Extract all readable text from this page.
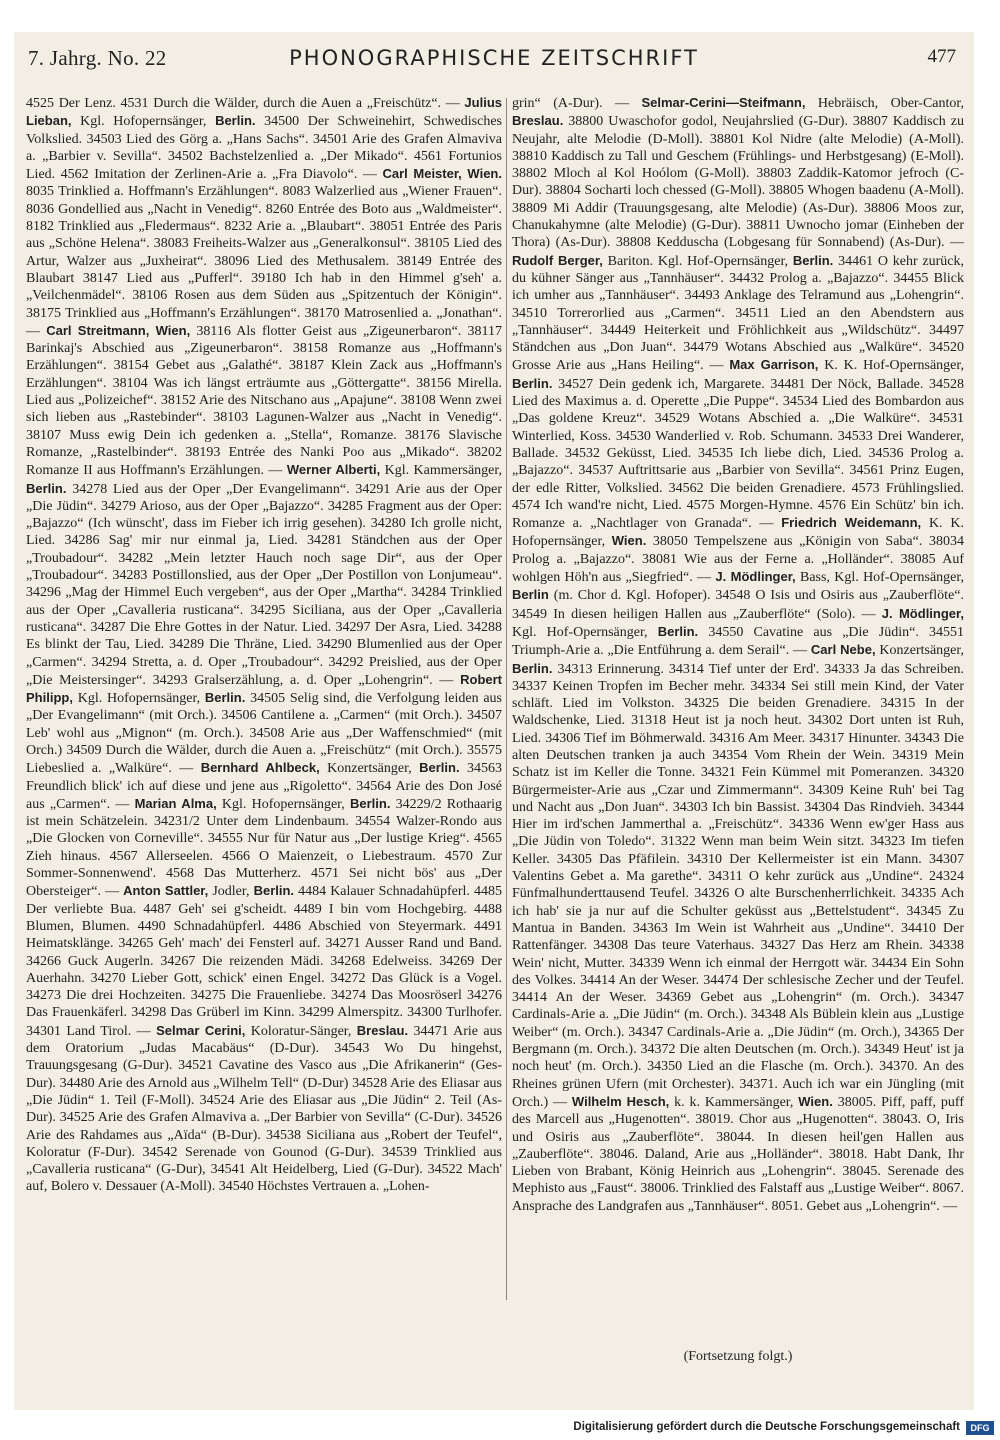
7. Jahrg. No. 22	PHONOGRAPHISCHE ZEITSCHRIFT	477

4525 Der Lenz. 4531 Durch die Wälder, durch die Auen a „Freischütz“. — Julius Lieban, Kgl. Hofopernsänger, Berlin. 34500 Der Schweinehirt, Schwedisches Volkslied. 34503 Lied des Görg a. „Hans Sachs“. 34501 Arie des Grafen Almaviva a. „Barbier v. Sevilla“. 34502 Bachstelzenlied a. „Der Mikado“. 4561 Fortunios Lied. 4562 Imitation der Zerlinen-Arie a. „Fra Diavolo“. — Carl Meister, Wien. 8035 Trinklied a. Hoffmann's Erzählungen“. 8083 Walzerlied aus „Wiener Frauen“. 8036 Gondellied aus „Nacht in Venedig“. 8260 Entrée des Boto aus „Waldmeister“. 8182 Trinklied aus „Fledermaus“. 8232 Arie a. „Blaubart“. 38051 Entrée des Paris aus „Schöne Helena“. 38083 Freiheits-Walzer aus „Generalkonsul“. 38105 Lied des Artur, Walzer aus „Juxheirat“. 38096 Lied des Methusalem. 38149 Entrée des Blaubart 38147 Lied aus „Pufferl“. 39180 Ich hab in den Himmel g'seh' a. „Veilchenmädel“. 38106 Rosen aus dem Süden aus „Spitzentuch der Königin“. 38175 Trinklied aus „Hoffmann's Erzählungen“. 38170 Matrosenlied a. „Jonathan“. — Carl Streitmann, Wien, 38116 Als flotter Geist aus „Zigeunerbaron“. 38117 Barinkaj's Abschied aus „Zigeunerbaron“. 38158 Romanze aus „Hoffmann's Erzählungen“. 38154 Gebet aus „Galathé“. 38187 Klein Zack aus „Hoffmann's Erzählungen“. 38104 Was ich längst erträumte aus „Göttergatte“. 38156 Mirella. Lied aus „Polizeichef“. 38152 Arie des Nitschano aus „Apajune“. 38108 Wenn zwei sich lieben aus „Rastebinder“. 38103 Lagunen-Walzer aus „Nacht in Venedig“. 38107 Muss ewig Dein ich gedenken a. „Stella“, Romanze. 38176 Slavische Romanze, „Rastelbinder“. 38193 Entrée des Nanki Poo aus „Mikado“. 38202 Romanze II aus Hoffmann's Erzählungen. — Werner Alberti, Kgl. Kammersänger, Berlin. 34278 Lied aus der Oper „Der Evangelimann“. 34291 Arie aus der Oper „Die Jüdin“. 34279 Arioso, aus der Oper „Bajazzo“. 34285 Fragment aus der Oper: „Bajazzo“ (Ich wünscht', dass im Fieber ich irrig gesehen). 34280 Ich grolle nicht, Lied. 34286 Sag' mir nur einmal ja, Lied. 34281 Ständchen aus der Oper „Troubadour“. 34282 „Mein letzter Hauch noch sage Dir“, aus der Oper „Troubadour“. 34283 Postillonslied, aus der Oper „Der Postillon von Lonjumeau“. 34296 „Mag der Himmel Euch vergeben“, aus der Oper „Martha“. 34284 Trinklied aus der Oper „Cavalleria rusticana“. 34295 Siciliana, aus der Oper „Cavalleria rusticana“. 34287 Die Ehre Gottes in der Natur. Lied. 34297 Der Asra, Lied. 34288 Es blinkt der Tau, Lied. 34289 Die Thräne, Lied. 34290 Blumenlied aus der Oper „Carmen“. 34294 Stretta, a. d. Oper „Troubadour“. 34292 Preislied, aus der Oper „Die Meistersinger“. 34293 Gralserzählung, a. d. Oper „Lohengrin“. — Robert Philipp, Kgl. Hofopernsänger, Berlin. 34505 Selig sind, die Verfolgung leiden aus „Der Evangelimann“ (mit Orch.). 34506 Cantilene a. „Carmen“ (mit Orch.). 34507 Leb' wohl aus „Mignon“ (m. Orch.). 34508 Arie aus „Der Waffenschmied“ (mit Orch.) 34509 Durch die Wälder, durch die Auen a. „Freischütz“ (mit Orch.). 35575 Liebeslied a. „Walküre“. — Bernhard Ahlbeck, Konzertsänger, Berlin. 34563 Freundlich blick' ich auf diese und jene aus „Rigoletto“. 34564 Arie des Don José aus „Carmen“. — Marian Alma, Kgl. Hofopernsänger, Berlin. 34229/2 Rothaarig ist mein Schätzelein. 34231/2 Unter dem Lindenbaum. 34554 Walzer-Rondo aus „Die Glocken von Corneville“. 34555 Nur für Natur aus „Der lustige Krieg“. 4565 Zieh hinaus. 4567 Allerseelen. 4566 O Maienzeit, o Liebestraum. 4570 Zur Sommer-Sonnenwend'. 4568 Das Mutterherz. 4571 Sei nicht bös' aus „Der Obersteiger“. — Anton Sattler, Jodler, Berlin. 4484 Kalauer Schnadahüpferl. 4485 Der verliebte Bua. 4487 Geh' sei g'scheidt. 4489 I bin vom Hochgebirg. 4488 Blumen, Blumen. 4490 Schnadahüpferl. 4486 Abschied von Steyermark. 4491 Heimatsklänge. 34265 Geh' mach' dei Fensterl auf. 34271 Ausser Rand und Band. 34266 Guck Augerln. 34267 Die reizenden Mädi. 34268 Edelweiss. 34269 Der Auerhahn. 34270 Lieber Gott, schick' einen Engel. 34272 Das Glück is a Vogel. 34273 Die drei Hochzeiten. 34275 Die Frauenliebe. 34274 Das Moosröserl 34276 Das Frauenkäferl. 34298 Das Grüberl im Kinn. 34299 Almerspitz. 34300 Turlhofer. 34301 Land Tirol. — Selmar Cerini, Koloratur-Sänger, Breslau. 34471 Arie aus dem Oratorium „Judas Macabäus“ (D-Dur). 34543 Wo Du hingehst, Trauungsgesang (G-Dur). 34521 Cavatine des Vasco aus „Die Afrikanerin“ (Ges-Dur). 34480 Arie des Arnold aus „Wilhelm Tell“ (D-Dur) 34528 Arie des Eliasar aus „Die Jüdin“ 1. Teil (F-Moll). 34524 Arie des Eliasar aus „Die Jüdin“ 2. Teil (As-Dur). 34525 Arie des Grafen Almaviva a. „Der Barbier von Sevilla“ (C-Dur). 34526 Arie des Rahdames aus „Aïda“ (B-Dur). 34538 Siciliana aus „Robert der Teufel“, Koloratur (F-Dur). 34542 Serenade von Gounod (G-Dur). 34539 Trinklied aus „Cavalleria rusticana“ (G-Dur), 34541 Alt Heidelberg, Lied (G-Dur). 34522 Mach' auf, Bolero v. Dessauer (A-Moll). 34540 Höchstes Vertrauen a. „Lohen-

grin“ (A-Dur). — Selmar-Cerini—Steifmann, Hebräisch, Ober-Cantor, Breslau. 38800 Uwaschofor godol, Neujahrslied (G-Dur). 38807 Kaddisch zu Neujahr, alte Melodie (D-Moll). 38801 Kol Nidre (alte Melodie) (A-Moll). 38810 Kaddisch zu Tall und Geschem (Frühlings- und Herbstgesang) (E-Moll). 38802 Mloch al Kol Hoólom (G-Moll). 38803 Zaddik-Katomor jefroch (C-Dur). 38804 Socharti loch chessed (G-Moll). 38805 Whogen baadenu (A-Moll). 38809 Mi Addir (Trauungsgesang, alte Melodie) (As-Dur). 38806 Moos zur, Chanukahymne (alte Melodie) (G-Dur). 38811 Uwnocho jomar (Einheben der Thora) (As-Dur). 38808 Kedduscha (Lobgesang für Sonnabend) (As-Dur). — Rudolf Berger, Bariton. Kgl. Hof-Opernsänger, Berlin. 34461 O kehr zurück, du kühner Sänger aus „Tannhäuser“. 34432 Prolog a. „Bajazzo“. 34455 Blick ich umher aus „Tannhäuser“. 34493 Anklage des Telramund aus „Lohengrin“. 34510 Torrerorlied aus „Carmen“. 34511 Lied an den Abendstern aus „Tannhäuser“. 34449 Heiterkeit und Fröhlichkeit aus „Wildschütz“. 34497 Ständchen aus „Don Juan“. 34479 Wotans Abschied aus „Walküre“. 34520 Grosse Arie aus „Hans Heiling“. — Max Garrison, K. K. Hof-Opernsänger, Berlin. 34527 Dein gedenk ich, Margarete. 34481 Der Nöck, Ballade. 34528 Lied des Maximus a. d. Operette „Die Puppe“. 34534 Lied des Bombardon aus „Das goldene Kreuz“. 34529 Wotans Abschied a. „Die Walküre“. 34531 Winterlied, Koss. 34530 Wanderlied v. Rob. Schumann. 34533 Drei Wanderer, Ballade. 34532 Geküsst, Lied. 34535 Ich liebe dich, Lied. 34536 Prolog a. „Bajazzo“. 34537 Auftrittsarie aus „Barbier von Sevilla“. 34561 Prinz Eugen, der edle Ritter, Volkslied. 34562 Die beiden Grenadiere. 4573 Frühlingslied. 4574 Ich wand're nicht, Lied. 4575 Morgen-Hymne. 4576 Ein Schütz' bin ich. Romanze a. „Nachtlager von Granada“. — Friedrich Weidemann, K. K. Hofopernsänger, Wien. 38050 Tempelszene aus „Königin von Saba“. 38034 Prolog a. „Bajazzo“. 38081 Wie aus der Ferne a. „Holländer“. 38085 Auf wohlgen Höh'n aus „Siegfried“. — J. Mödlinger, Bass, Kgl. Hof-Opernsänger, Berlin (m. Chor d. Kgl. Hofoper). 34548 O Isis und Osiris aus „Zauberflöte“. 34549 In diesen heiligen Hallen aus „Zauberflöte“ (Solo). — J. Mödlinger, Kgl. Hof-Opernsänger, Berlin. 34550 Cavatine aus „Die Jüdin“. 34551 Triumph-Arie a. „Die Entführung a. dem Serail“. — Carl Nebe, Konzertsänger, Berlin. 34313 Erinnerung. 34314 Tief unter der Erd'. 34333 Ja das Schreiben. 34337 Keinen Tropfen im Becher mehr. 34334 Sei still mein Kind, der Vater schläft. Lied im Volkston. 34325 Die beiden Grenadiere. 34315 In der Waldschenke, Lied. 31318 Heut ist ja noch heut. 34302 Dort unten ist Ruh, Lied. 34306 Tief im Böhmerwald. 34316 Am Meer. 34317 Hinunter. 34343 Die alten Deutschen tranken ja auch 34354 Vom Rhein der Wein. 34319 Mein Schatz ist im Keller die Tonne. 34321 Fein Kümmel mit Pomeranzen. 34320 Bürgermeister-Arie aus „Czar und Zimmermann“. 34309 Keine Ruh' bei Tag und Nacht aus „Don Juan“. 34303 Ich bin Bassist. 34304 Das Rindvieh. 34344 Hier im ird'schen Jammerthal a. „Freischütz“. 34336 Wenn ew'ger Hass aus „Die Jüdin von Toledo“. 31322 Wenn man beim Wein sitzt. 34323 Im tiefen Keller. 34305 Das Pfäfilein. 34310 Der Kellermeister ist ein Mann. 34307 Valentins Gebet a. Ma garethe“. 34311 O kehr zurück aus „Undine“. 24324 Fünfmalhunderttausend Teufel. 34326 O alte Burschenherrlichkeit. 34335 Ach ich hab' sie ja nur auf die Schulter geküsst aus „Bettelstudent“. 34345 Zu Mantua in Banden. 34363 Im Wein ist Wahrheit aus „Undine“. 34410 Der Rattenfänger. 34308 Das teure Vaterhaus. 34327 Das Herz am Rhein. 34338 Wein' nicht, Mutter. 34339 Wenn ich einmal der Herrgott wär. 34434 Ein Sohn des Volkes. 34414 An der Weser. 34474 Der schlesische Zecher und der Teufel. 34414 An der Weser. 34369 Gebet aus „Lohengrin“ (m. Orch.). 34347 Cardinals-Arie a. „Die Jüdin“ (m. Orch.). 34348 Als Büblein klein aus „Lustige Weiber“ (m. Orch.). 34347 Cardinals-Arie a. „Die Jüdin“ (m. Orch.), 34365 Der Bergmann (m. Orch.). 34372 Die alten Deutschen (m. Orch.). 34349 Heut' ist ja noch heut' (m. Orch.). 34350 Lied an die Flasche (m. Orch.). 34370. An des Rheines grünen Ufern (mit Orchester). 34371. Auch ich war ein Jüngling (mit Orch.) — Wilhelm Hesch, k. k. Kammersänger, Wien. 38005. Piff, paff, puff des Marcell aus „Hugenotten“. 38019. Chor aus „Hugenotten“. 38043. O, Iris und Osiris aus „Zauberflöte“. 38044. In diesen heil'gen Hallen aus „Zauberflöte“. 38046. Daland, Arie aus „Holländer“. 38018. Habt Dank, Ihr Lieben von Brabant, König Heinrich aus „Lohengrin“. 38045. Serenade des Mephisto aus „Faust“. 38006. Trinklied des Falstaff aus „Lustige Weiber“. 8067. Ansprache des Landgrafen aus „Tannhäuser“. 8051. Gebet aus „Lohengrin“. —

(Fortsetzung folgt.)
Digitalisierung gefördert durch die Deutsche Forschungsgemeinschaft	DFG
